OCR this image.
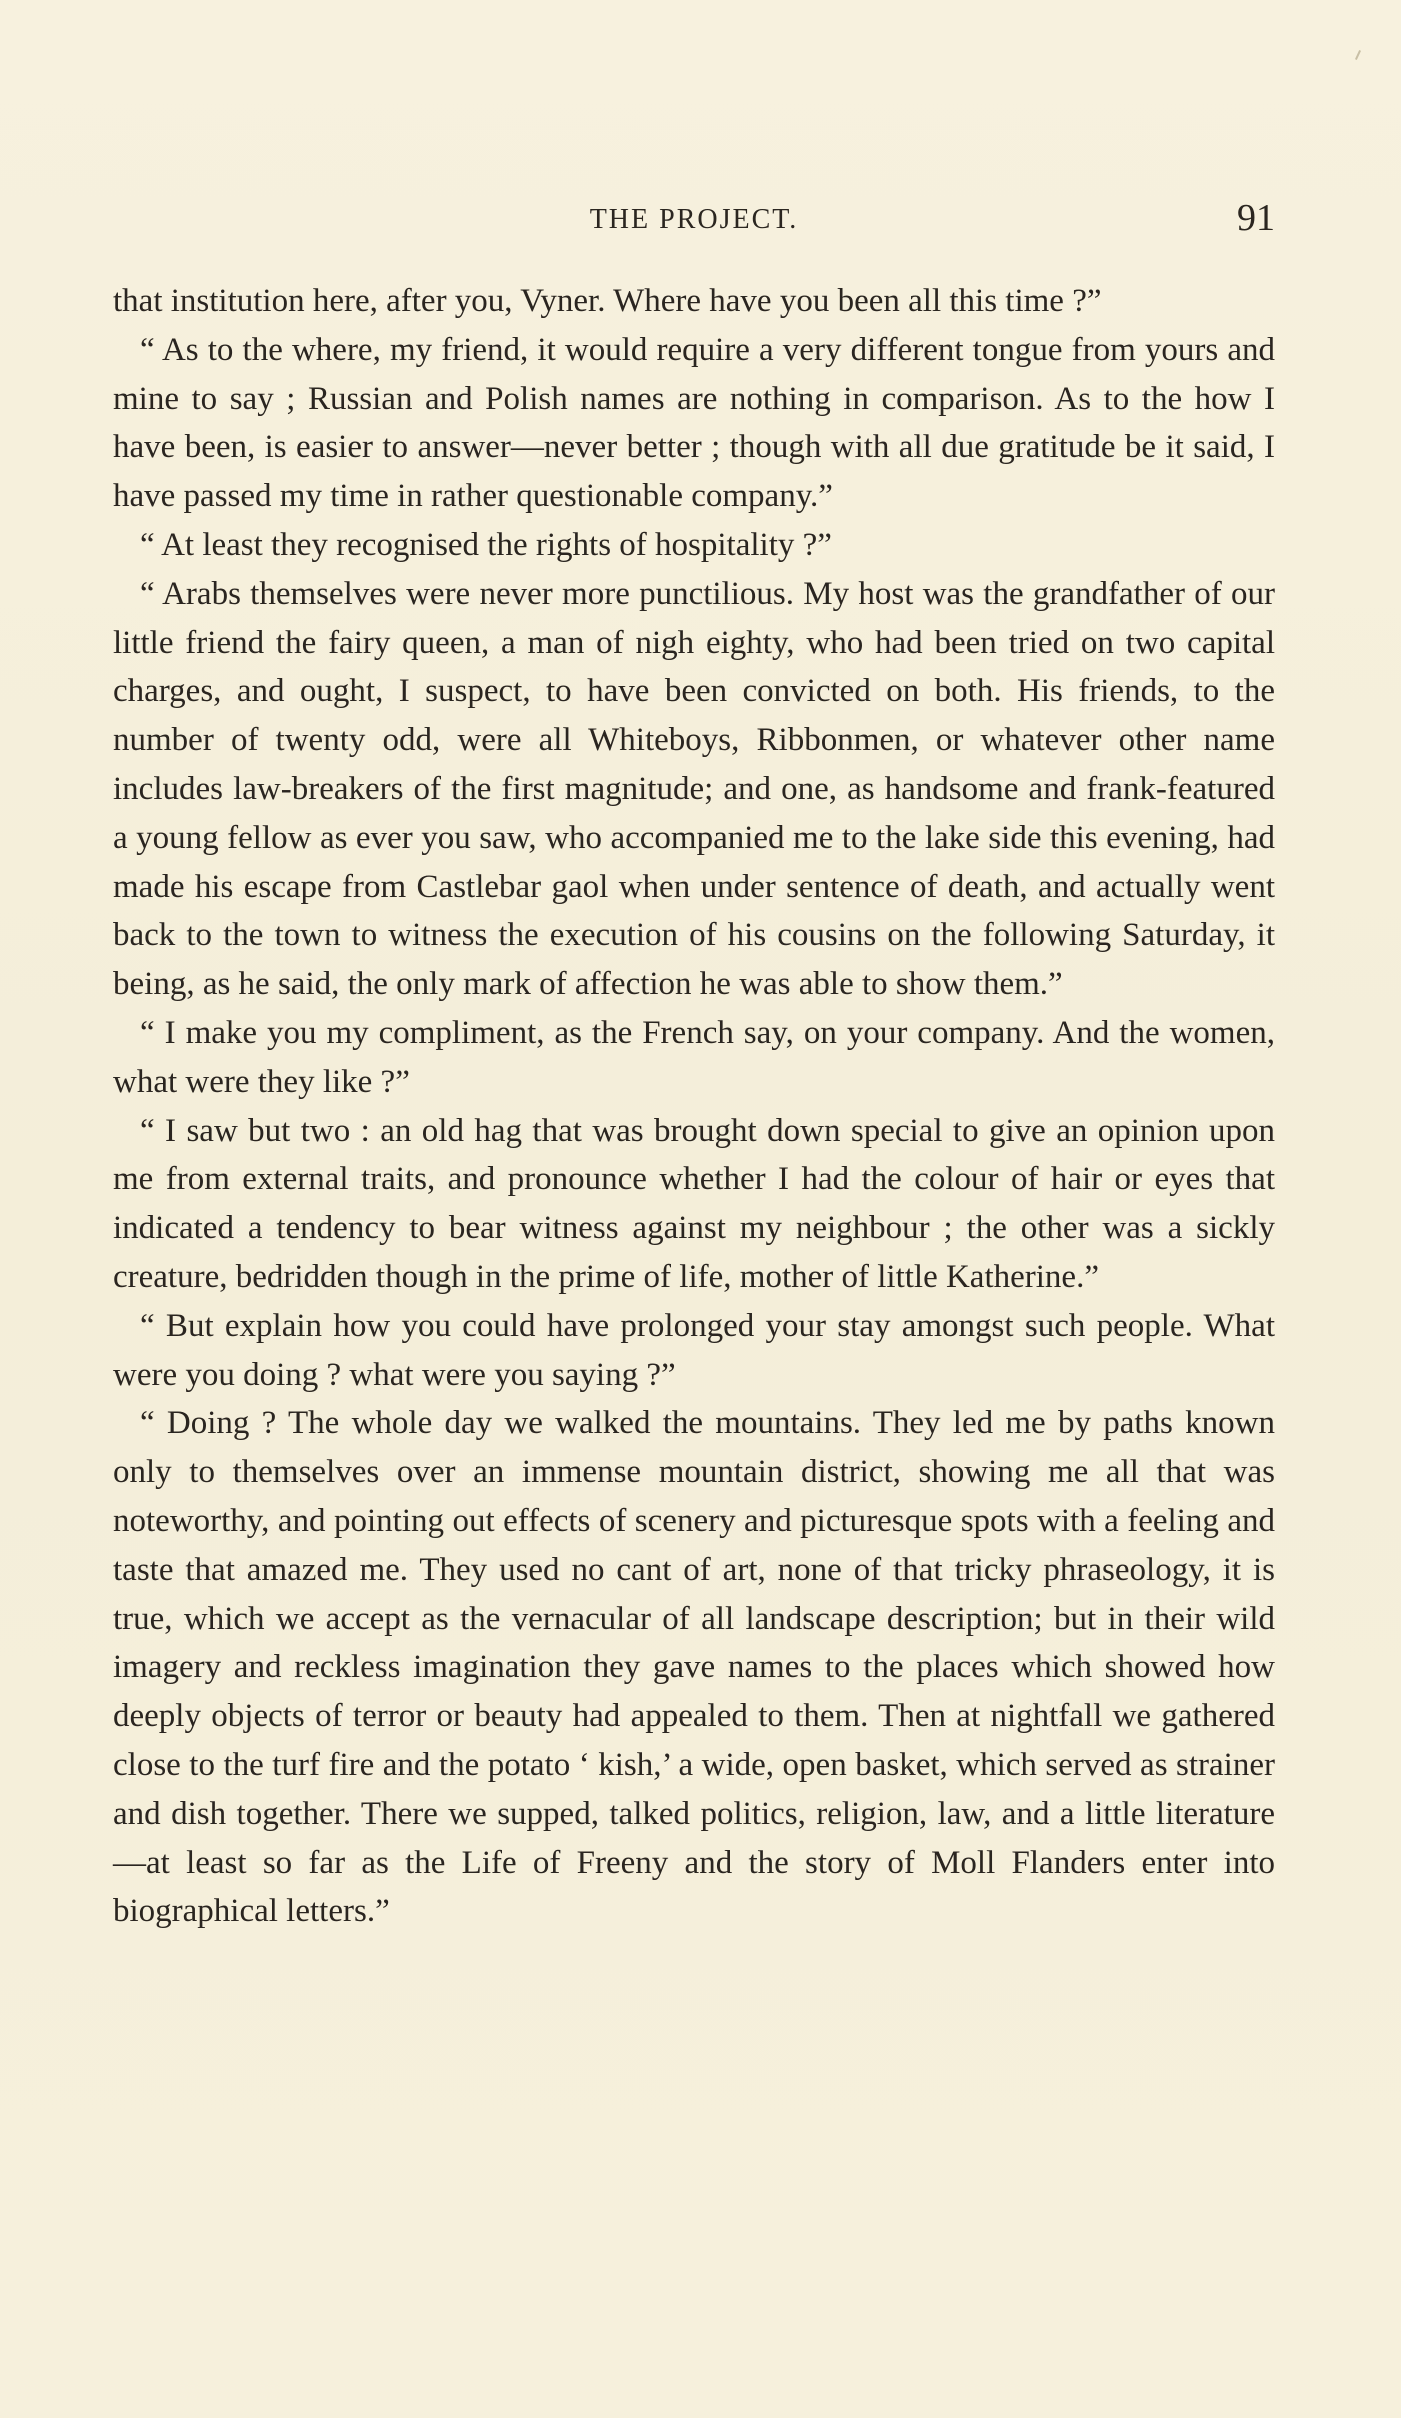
THE PROJECT.	91

that institution here, after you, Vyner. Where have you been all this time ?”

“ As to the where, my friend, it would require a very different tongue from yours and mine to say ; Russian and Polish names are nothing in comparison. As to the how I have been, is easier to answer—never better ; though with all due gratitude be it said, I have passed my time in rather questionable company.”

“ At least they recognised the rights of hospitality ?”

“ Arabs themselves were never more punctilious. My host was the grandfather of our little friend the fairy queen, a man of nigh eighty, who had been tried on two capital charges, and ought, I suspect, to have been convicted on both. His friends, to the number of twenty odd, were all Whiteboys, Ribbonmen, or whatever other name includes law-breakers of the first magnitude; and one, as handsome and frank-featured a young fellow as ever you saw, who accompanied me to the lake side this evening, had made his escape from Castlebar gaol when under sentence of death, and actually went back to the town to witness the execution of his cousins on the following Saturday, it being, as he said, the only mark of affection he was able to show them.”

“ I make you my compliment, as the French say, on your company. And the women, what were they like ?”

“ I saw but two : an old hag that was brought down special to give an opinion upon me from external traits, and pronounce whether I had the colour of hair or eyes that indicated a tendency to bear witness against my neighbour ; the other was a sickly creature, bedridden though in the prime of life, mother of little Katherine.”

“ But explain how you could have prolonged your stay amongst such people. What were you doing ? what were you saying ?”

“ Doing ? The whole day we walked the mountains. They led me by paths known only to themselves over an immense mountain district, showing me all that was noteworthy, and pointing out effects of scenery and picturesque spots with a feeling and taste that amazed me. They used no cant of art, none of that tricky phraseology, it is true, which we accept as the vernacular of all landscape description; but in their wild imagery and reckless imagination they gave names to the places which showed how deeply objects of terror or beauty had appealed to them. Then at nightfall we gathered close to the turf fire and the potato ‘ kish,’ a wide, open basket, which served as strainer and dish together. There we supped, talked politics, religion, law, and a little literature—at least so far as the Life of Freeny and the story of Moll Flanders enter into biographical letters.”
